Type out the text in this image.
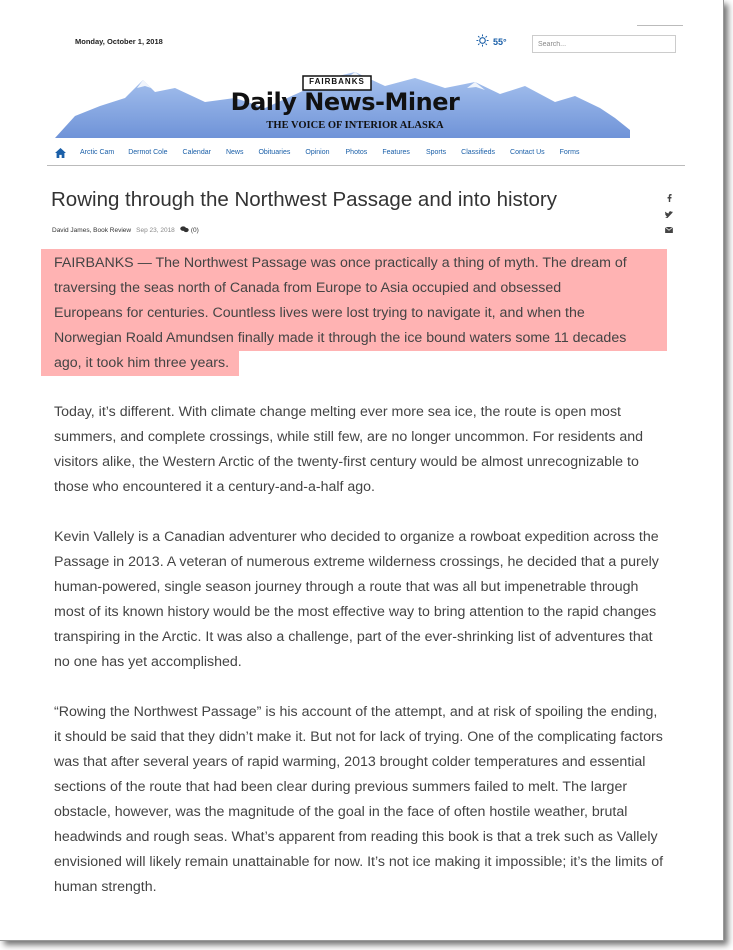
Monday, October 1, 2018	55°
Search...
FAIRBANKS
Daily News-Miner
THE VOICE OF INTERIOR ALASKA
Arctic Cam	Dermot Cole	Calendar	News	Obituaries	Opinion	Photos	Features	Sports	Classifieds	Contact Us	Forms
Rowing through the Northwest Passage and into history
David James, Book Review Sep 23, 2018 (0)
FAIRBANKS — The Northwest Passage was once practically a thing of myth. The dream of
traversing the seas north of Canada from Europe to Asia occupied and obsessed
Europeans for centuries. Countless lives were lost trying to navigate it, and when the
Norwegian Roald Amundsen finally made it through the ice bound waters some 11 decades
ago, it took him three years.

Today, it’s different. With climate change melting ever more sea ice, the route is open most summers, and complete crossings, while still few, are no longer uncommon. For residents and visitors alike, the Western Arctic of the twenty-first century would be almost unrecognizable to those who encountered it a century-and-a-half ago.

Kevin Vallely is a Canadian adventurer who decided to organize a rowboat expedition across the Passage in 2013. A veteran of numerous extreme wilderness crossings, he decided that a purely human-powered, single season journey through a route that was all but impenetrable through most of its known history would be the most effective way to bring attention to the rapid changes transpiring in the Arctic. It was also a challenge, part of the ever-shrinking list of adventures that no one has yet accomplished.

“Rowing the Northwest Passage” is his account of the attempt, and at risk of spoiling the ending, it should be said that they didn’t make it. But not for lack of trying. One of the complicating factors was that after several years of rapid warming, 2013 brought colder temperatures and essential sections of the route that had been clear during previous summers failed to melt. The larger obstacle, however, was the magnitude of the goal in the face of often hostile weather, brutal headwinds and rough seas. What’s apparent from reading this book is that a trek such as Vallely envisioned will likely remain unattainable for now. It’s not ice making it impossible; it’s the limits of human strength.
